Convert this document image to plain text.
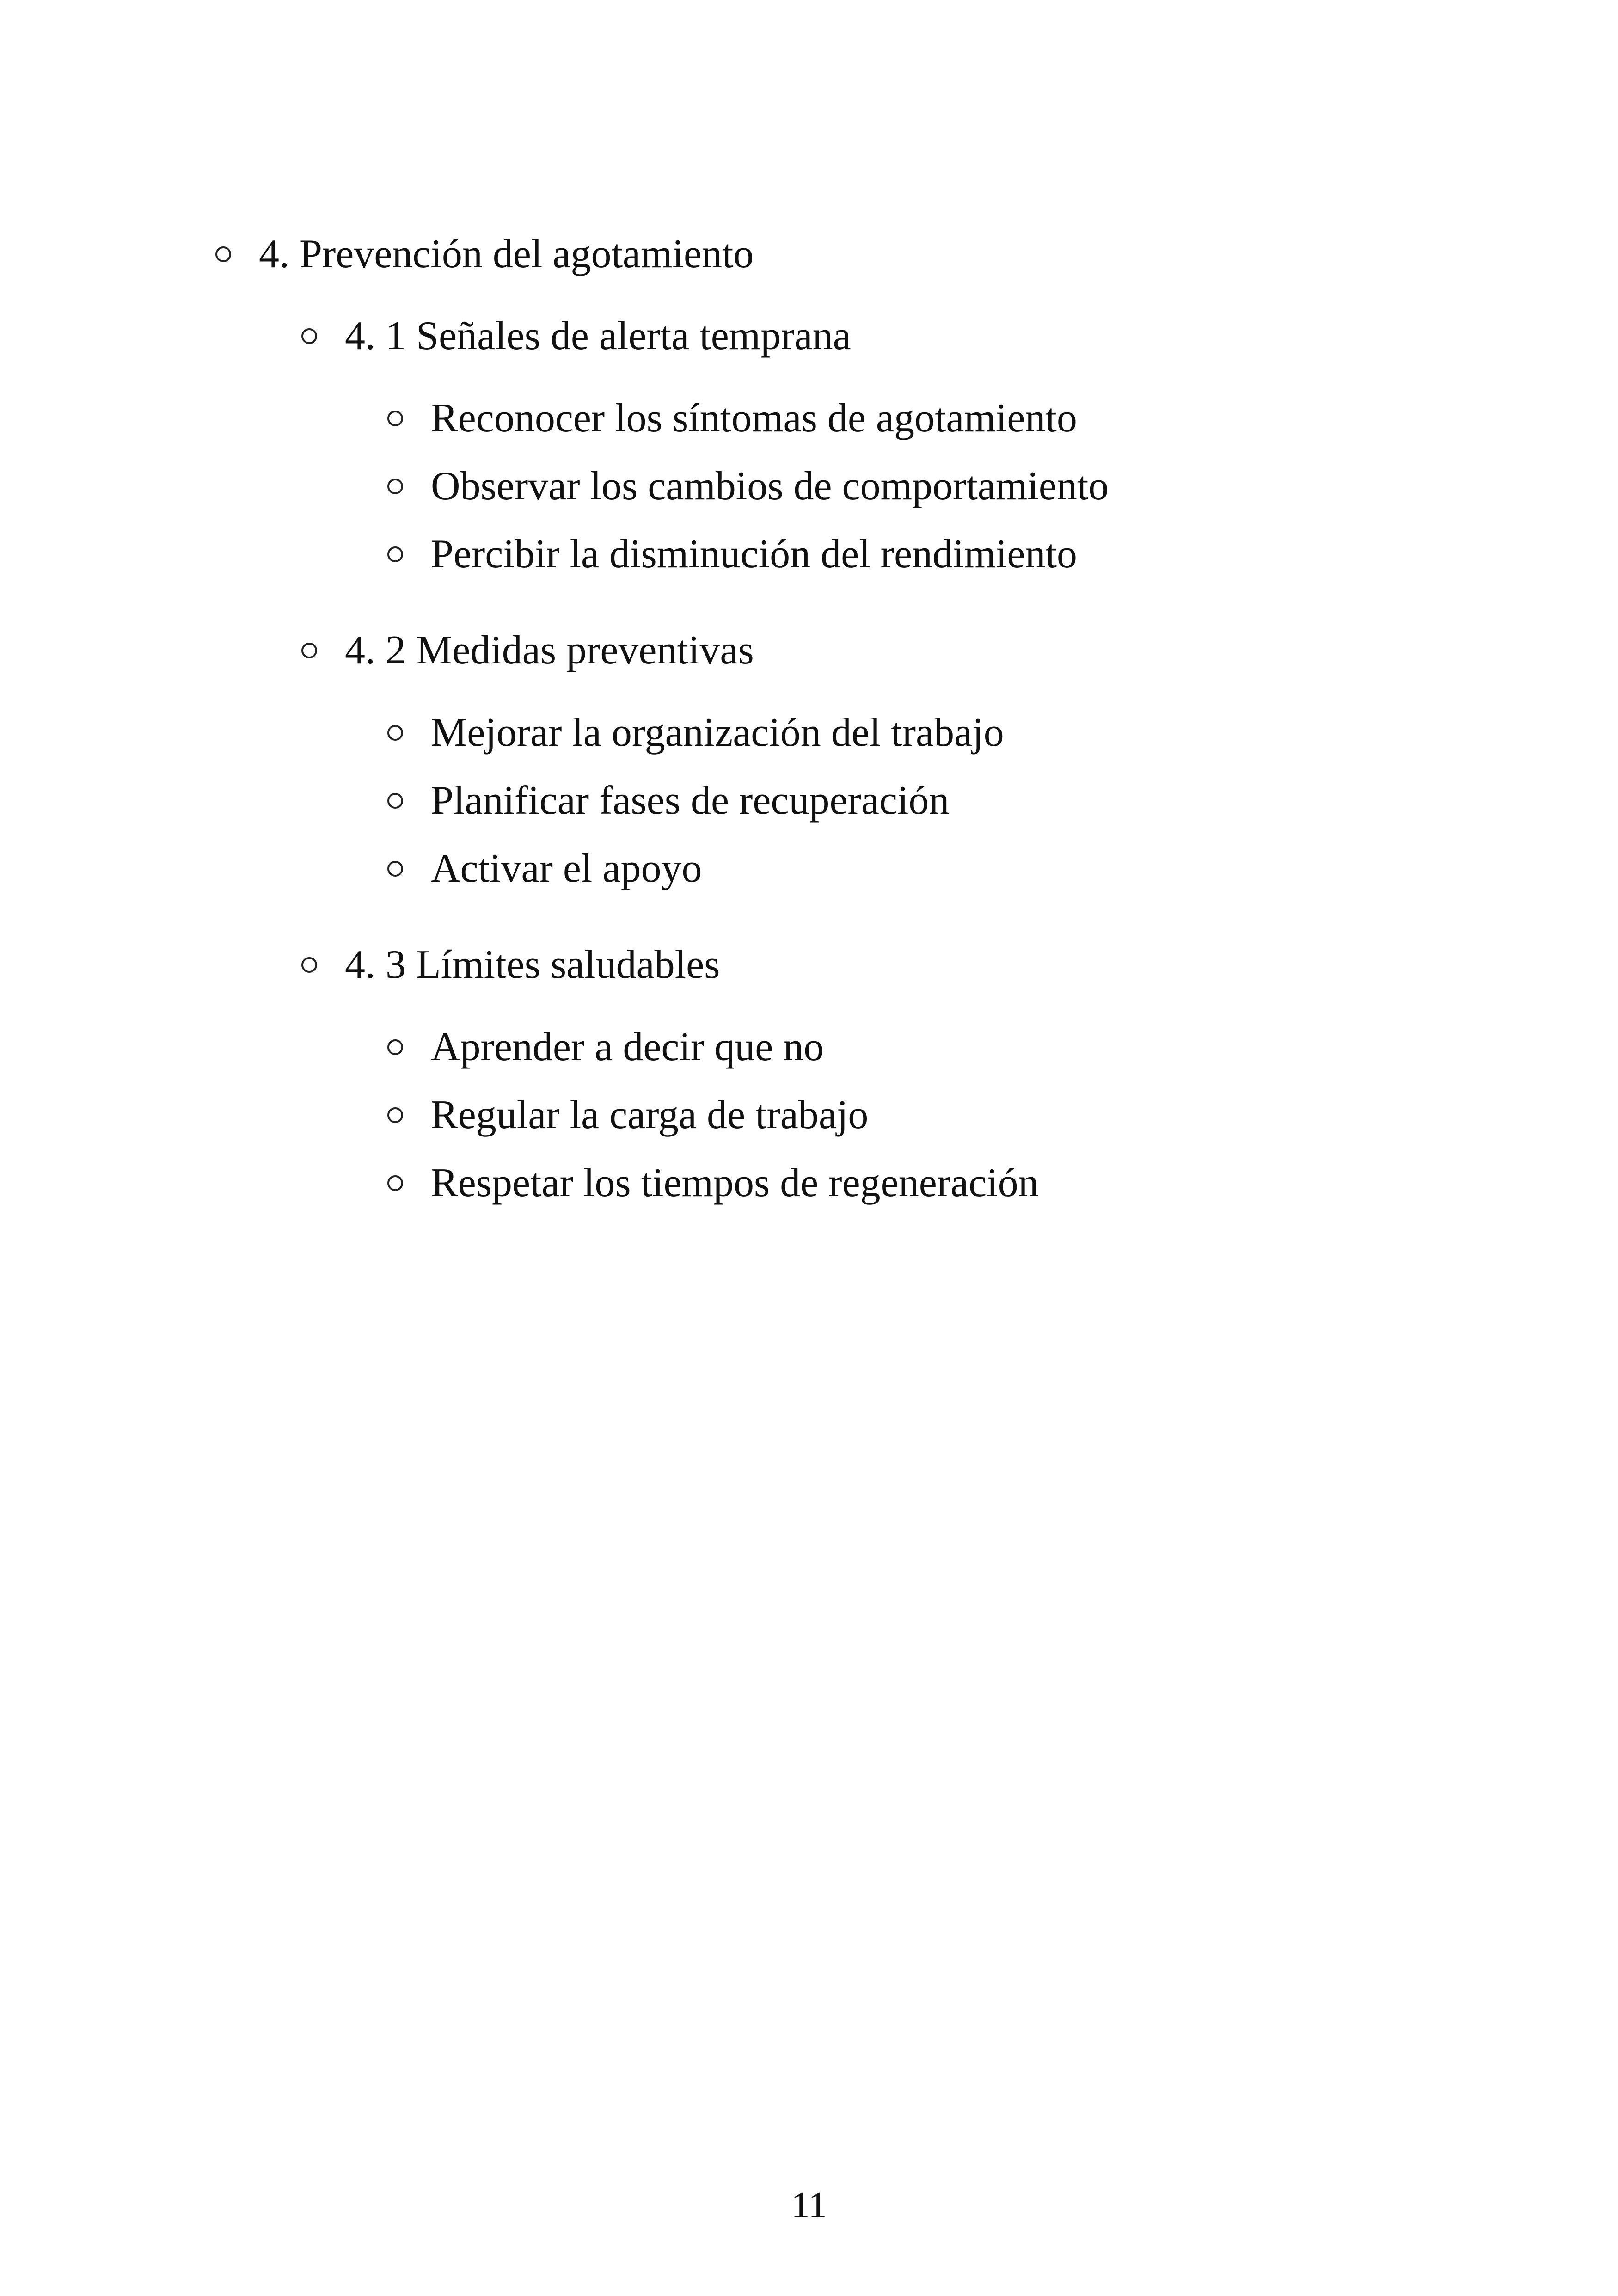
4. Prevención del agotamiento
4. 1 Señales de alerta temprana
Reconocer los síntomas de agotamiento
Observar los cambios de comportamiento
Percibir la disminución del rendimiento
4. 2 Medidas preventivas
Mejorar la organización del trabajo
Planificar fases de recuperación
Activar el apoyo
4. 3 Límites saludables
Aprender a decir que no
Regular la carga de trabajo
Respetar los tiempos de regeneración
11
